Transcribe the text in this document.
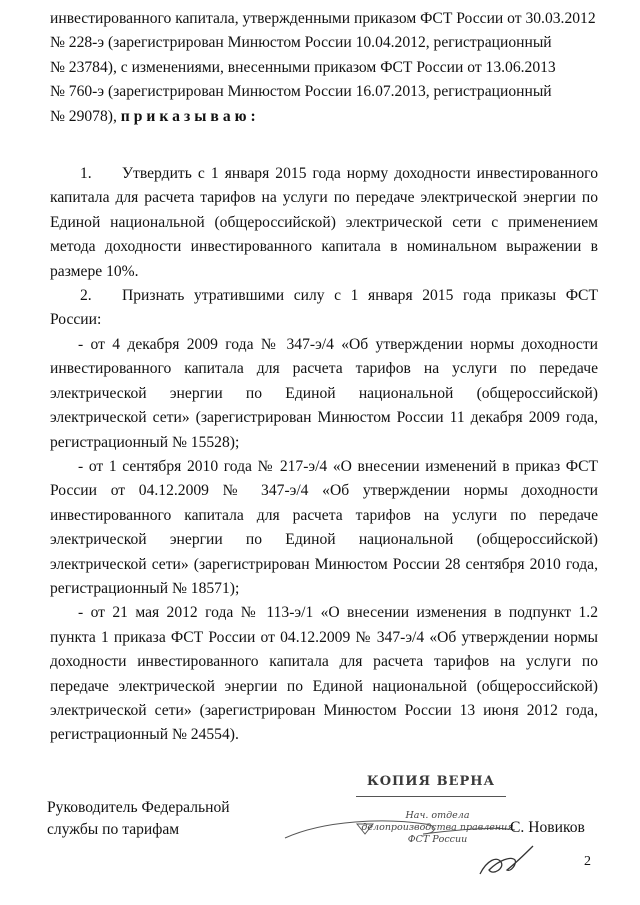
инвестированного капитала, утвержденными приказом ФСТ России от 30.03.2012

№ 228-э (зарегистрирован Минюстом России 10.04.2012, регистрационный

№ 23784), с изменениями, внесенными приказом ФСТ России от 13.06.2013

№ 760-э (зарегистрирован Минюстом России 16.07.2013, регистрационный

№ 29078), приказываю:

1. Утвердить с 1 января 2015 года норму доходности инвестированного капитала для расчета тарифов на услуги по передаче электрической энергии по Единой национальной (общероссийской) электрической сети с применением метода доходности инвестированного капитала в номинальном выражении в размере 10%.

2. Признать утратившими силу с 1 января 2015 года приказы ФСТ России:

- от 4 декабря 2009 года № 347-э/4 «Об утверждении нормы доходности инвестированного капитала для расчета тарифов на услуги по передаче электрической энергии по Единой национальной (общероссийской) электрической сети» (зарегистрирован Минюстом России 11 декабря 2009 года, регистрационный № 15528);

- от 1 сентября 2010 года № 217-э/4 «О внесении изменений в приказ ФСТ России от 04.12.2009 № 347-э/4 «Об утверждении нормы доходности инвестированного капитала для расчета тарифов на услуги по передаче электрической энергии по Единой национальной (общероссийской) электрической сети» (зарегистрирован Минюстом России 28 сентября 2010 года, регистрационный № 18571);

- от 21 мая 2012 года № 113-э/1 «О внесении изменения в подпункт 1.2 пункта 1 приказа ФСТ России от 04.12.2009 № 347-э/4 «Об утверждении нормы доходности инвестированного капитала для расчета тарифов на услуги по передаче электрической энергии по Единой национальной (общероссийской) электрической сети» (зарегистрирован Минюстом России 13 июня 2012 года, регистрационный № 24554).

Руководитель Федеральной
службы по тарифам
КОПИЯ ВЕРНА
Нач. отдела
делопроизводства правления
ФСТ России
С. Новиков
2
